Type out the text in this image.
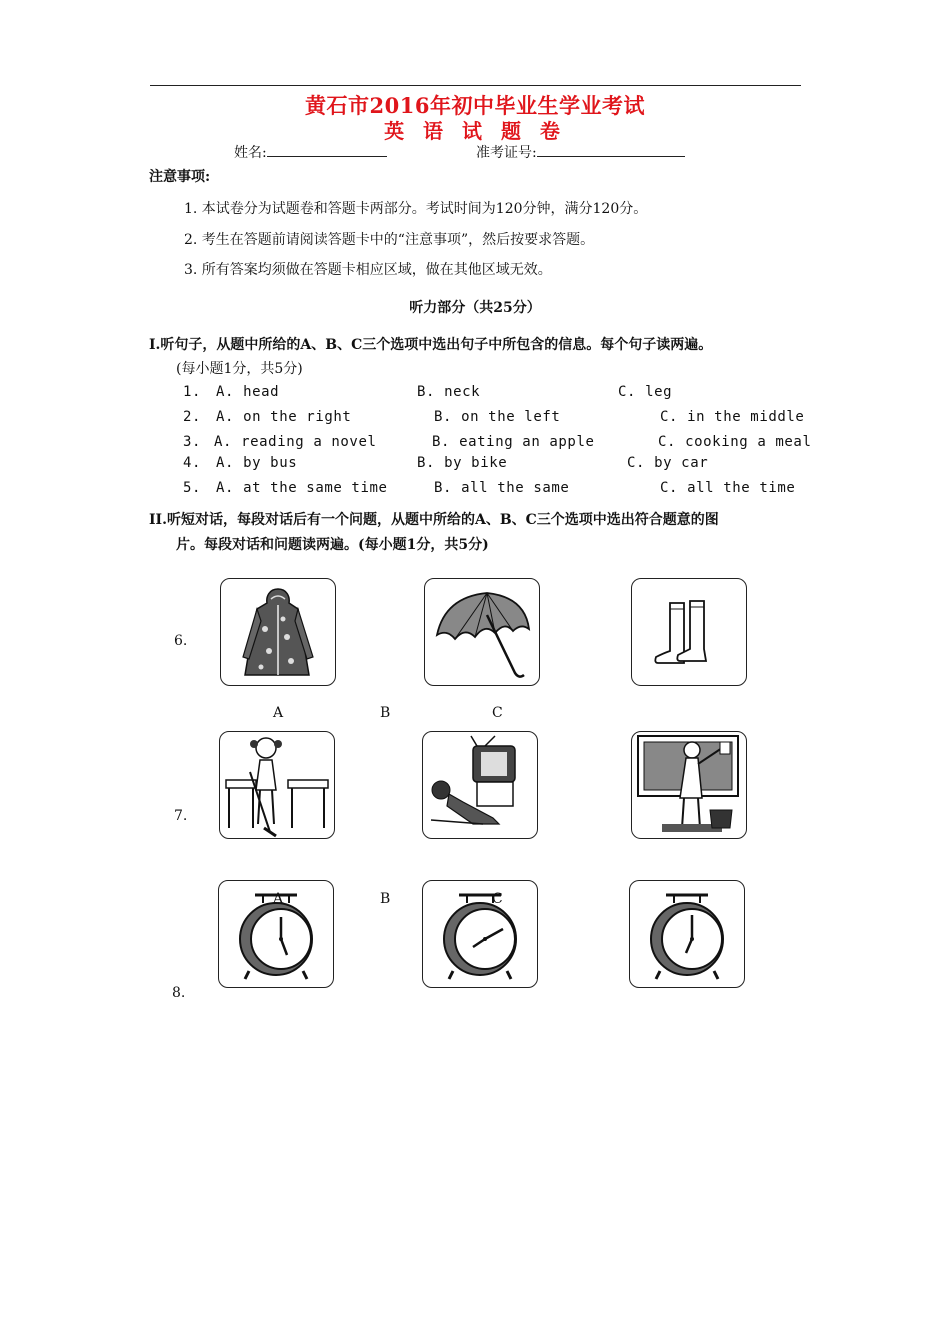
黄石市2016年初中毕业生学业考试
英 语 试 题 卷
姓名:	准考证号:
注意事项:
1. 本试卷分为试题卷和答题卡两部分。考试时间为120分钟，满分120分。
2. 考生在答题前请阅读答题卡中的“注意事项”，然后按要求答题。
3. 所有答案均须做在答题卡相应区域，做在其他区域无效。
听力部分（共25分）
I.听句子，从题中所给的A、B、C三个选项中选出句子中所包含的信息。每个句子读两遍。
(每小题1分，共5分)
1. A. head	B. neck	C. leg
2. A. on the right	B. on the left	C. in the middle
3. A. reading a novel	B. eating an apple	C. cooking a meal
4. A. by bus	B. by bike	C. by car
5. A. at the same time	B. all the same	C. all the time
II.听短对话，每段对话后有一个问题，从题中所给的A、B、C三个选项中选出符合题意的图
片。每段对话和问题读两遍。(每小题1分，共5分)
6.
A	B	C
7.
A	B	C
8.
